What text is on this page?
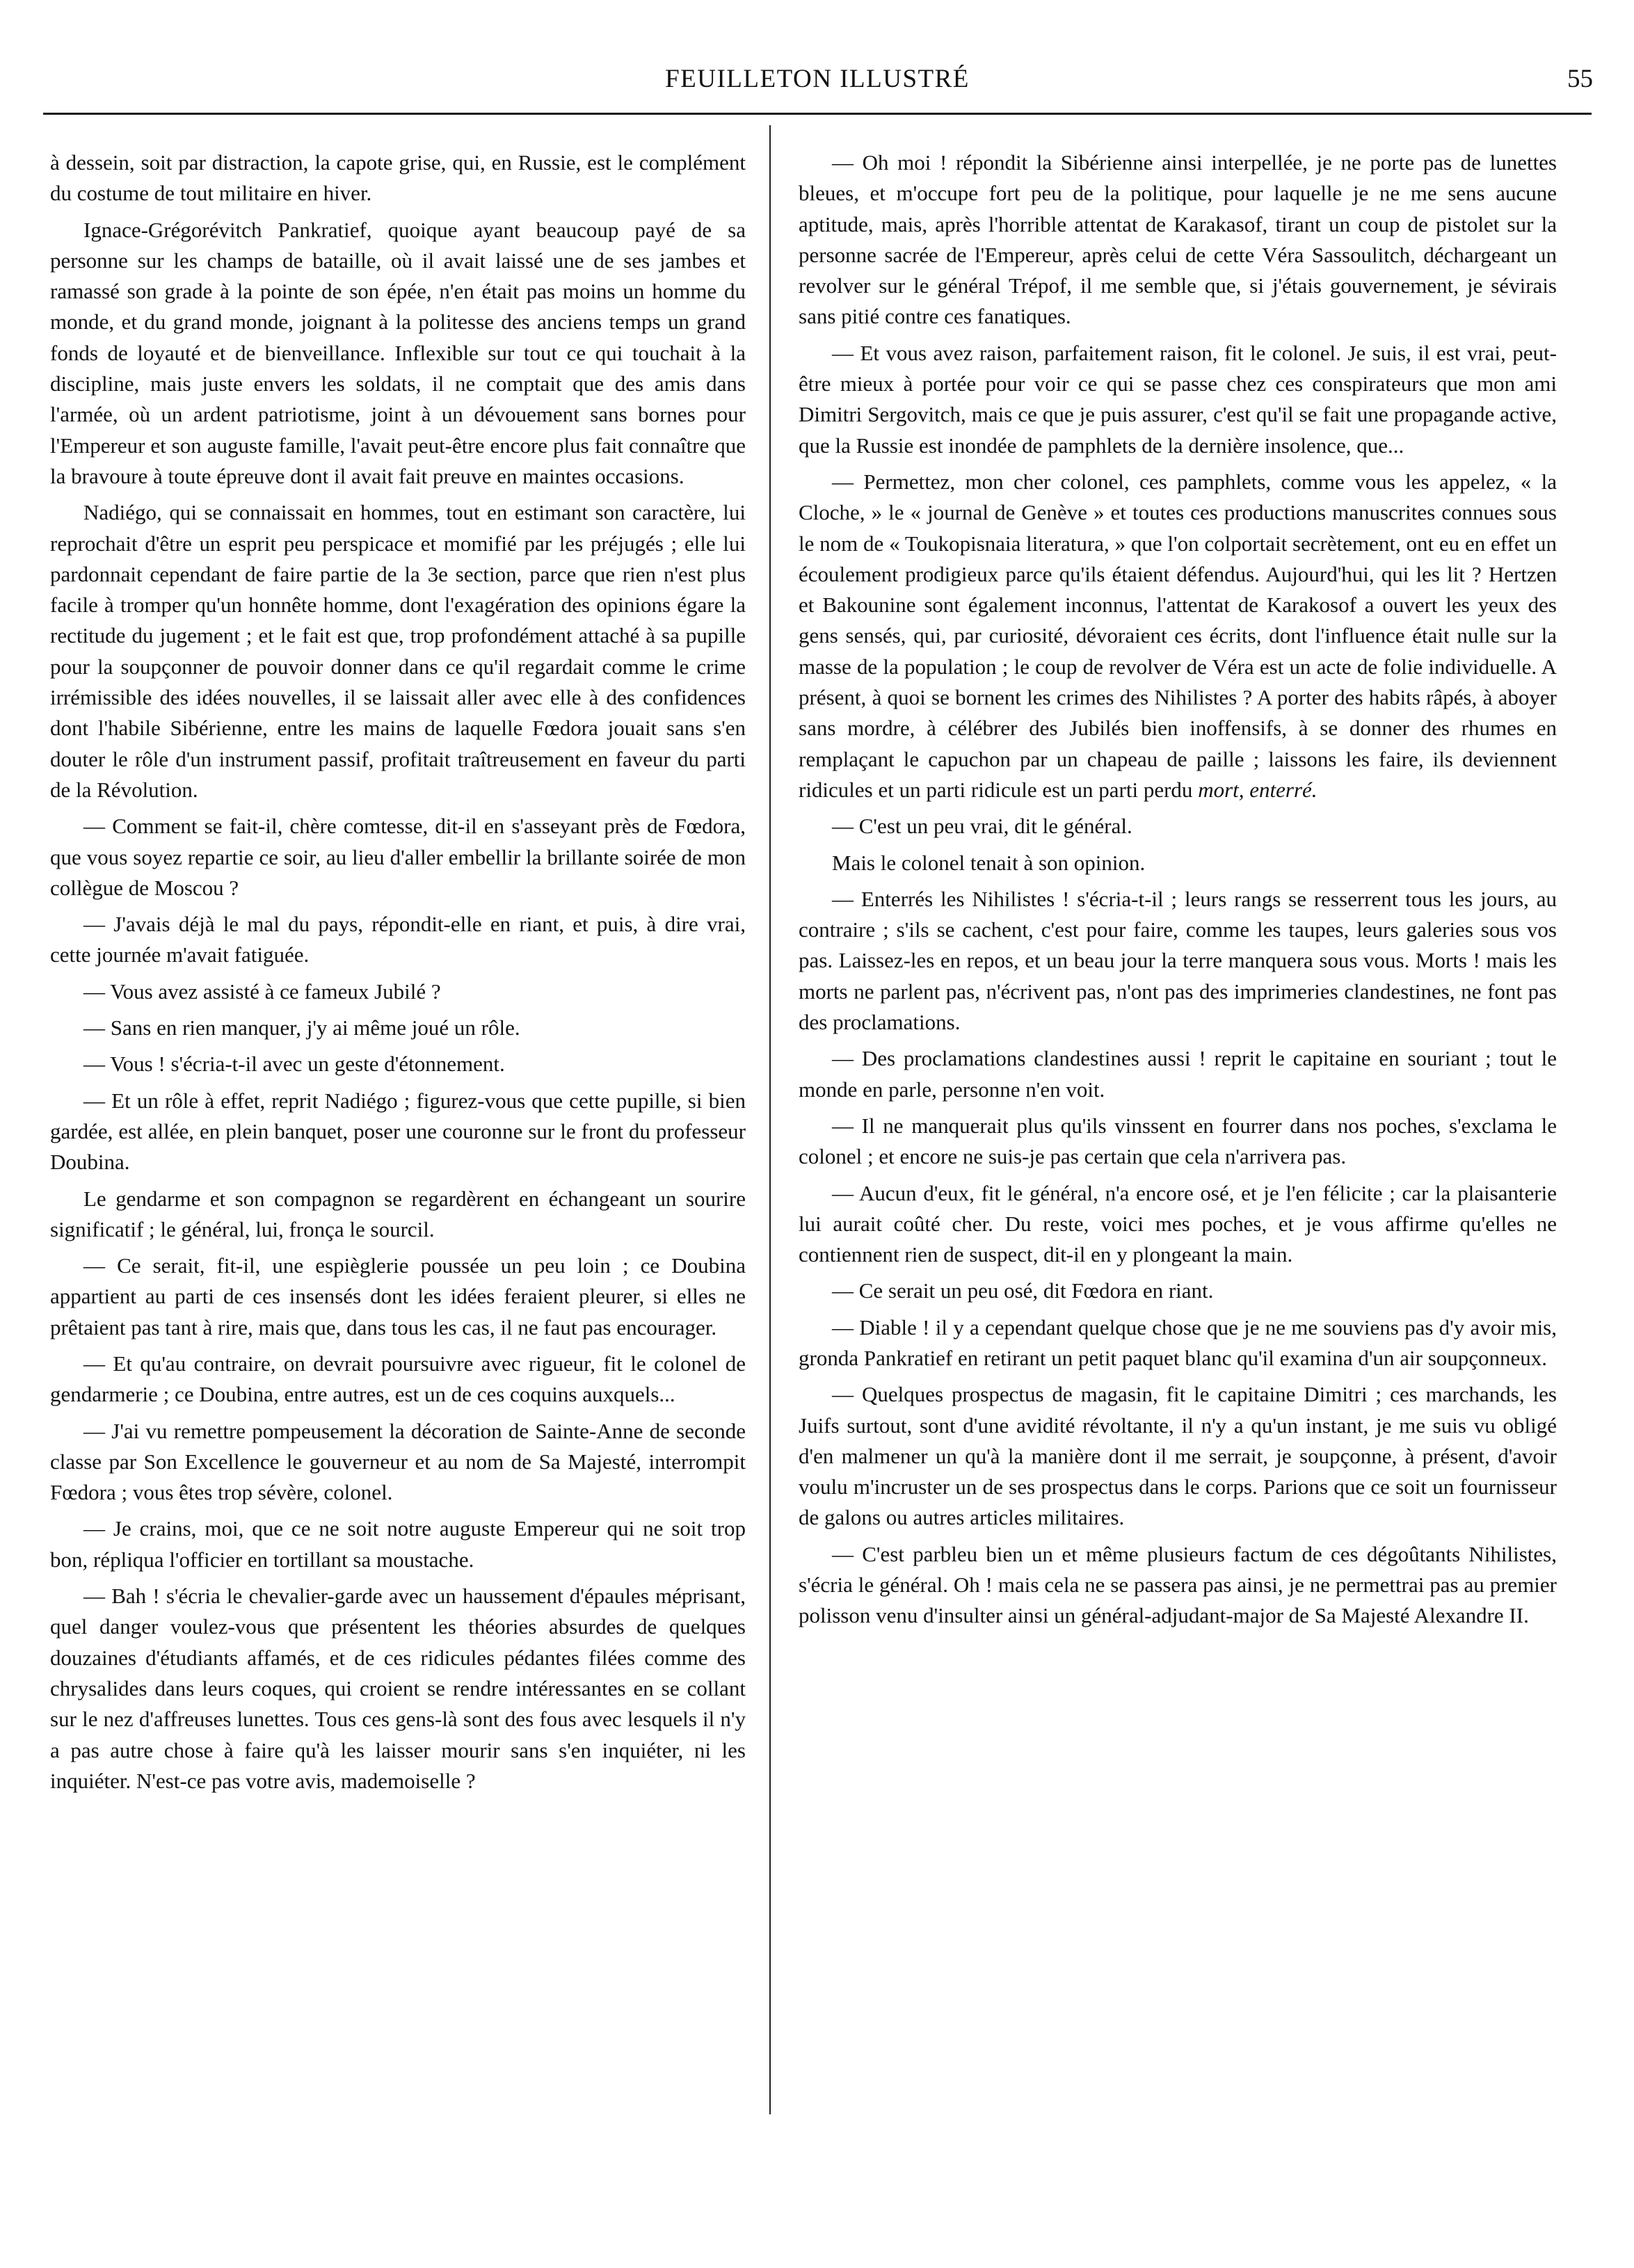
FEUILLETON ILLUSTRÉ	55

à dessein, soit par distraction, la capote grise, qui, en Russie, est le complément du costume de tout militaire en hiver.

Ignace-Grégorévitch Pankratief, quoique ayant beaucoup payé de sa personne sur les champs de bataille, où il avait laissé une de ses jambes et ramassé son grade à la pointe de son épée, n'en était pas moins un homme du monde, et du grand monde, joignant à la politesse des anciens temps un grand fonds de loyauté et de bienveillance. Inflexible sur tout ce qui touchait à la discipline, mais juste envers les soldats, il ne comptait que des amis dans l'armée, où un ardent patriotisme, joint à un dévouement sans bornes pour l'Empereur et son auguste famille, l'avait peut-être encore plus fait connaître que la bravoure à toute épreuve dont il avait fait preuve en maintes occasions.

Nadiégo, qui se connaissait en hommes, tout en estimant son caractère, lui reprochait d'être un esprit peu perspicace et momifié par les préjugés ; elle lui pardonnait cependant de faire partie de la 3e section, parce que rien n'est plus facile à tromper qu'un honnête homme, dont l'exagération des opinions égare la rectitude du jugement ; et le fait est que, trop profondément attaché à sa pupille pour la soupçonner de pouvoir donner dans ce qu'il regardait comme le crime irrémissible des idées nouvelles, il se laissait aller avec elle à des confidences dont l'habile Sibérienne, entre les mains de laquelle Fœdora jouait sans s'en douter le rôle d'un instrument passif, profitait traîtreusement en faveur du parti de la Révolution.

— Comment se fait-il, chère comtesse, dit-il en s'asseyant près de Fœdora, que vous soyez repartie ce soir, au lieu d'aller embellir la brillante soirée de mon collègue de Moscou ?

— J'avais déjà le mal du pays, répondit-elle en riant, et puis, à dire vrai, cette journée m'avait fatiguée.

— Vous avez assisté à ce fameux Jubilé ?

— Sans en rien manquer, j'y ai même joué un rôle.

— Vous ! s'écria-t-il avec un geste d'étonnement.

— Et un rôle à effet, reprit Nadiégo ; figurez-vous que cette pupille, si bien gardée, est allée, en plein banquet, poser une couronne sur le front du professeur Doubina.

Le gendarme et son compagnon se regardèrent en échangeant un sourire significatif ; le général, lui, fronça le sourcil.

— Ce serait, fit-il, une espièglerie poussée un peu loin ; ce Doubina appartient au parti de ces insensés dont les idées feraient pleurer, si elles ne prêtaient pas tant à rire, mais que, dans tous les cas, il ne faut pas encourager.

— Et qu'au contraire, on devrait poursuivre avec rigueur, fit le colonel de gendarmerie ; ce Doubina, entre autres, est un de ces coquins auxquels...

— J'ai vu remettre pompeusement la décoration de Sainte-Anne de seconde classe par Son Excellence le gouverneur et au nom de Sa Majesté, interrompit Fœdora ; vous êtes trop sévère, colonel.

— Je crains, moi, que ce ne soit notre auguste Empereur qui ne soit trop bon, répliqua l'officier en tortillant sa moustache.

— Bah ! s'écria le chevalier-garde avec un haussement d'épaules méprisant, quel danger voulez-vous que présentent les théories absurdes de quelques douzaines d'étudiants affamés, et de ces ridicules pédantes filées comme des chrysalides dans leurs coques, qui croient se rendre intéressantes en se collant sur le nez d'affreuses lunettes. Tous ces gens-là sont des fous avec lesquels il n'y a pas autre chose à faire qu'à les laisser mourir sans s'en inquiéter, ni les inquiéter. N'est-ce pas votre avis, mademoiselle ?

— Oh moi ! répondit la Sibérienne ainsi interpellée, je ne porte pas de lunettes bleues, et m'occupe fort peu de la politique, pour laquelle je ne me sens aucune aptitude, mais, après l'horrible attentat de Karakasof, tirant un coup de pistolet sur la personne sacrée de l'Empereur, après celui de cette Véra Sassoulitch, déchargeant un revolver sur le général Trépof, il me semble que, si j'étais gouvernement, je sévirais sans pitié contre ces fanatiques.

— Et vous avez raison, parfaitement raison, fit le colonel. Je suis, il est vrai, peut-être mieux à portée pour voir ce qui se passe chez ces conspirateurs que mon ami Dimitri Sergovitch, mais ce que je puis assurer, c'est qu'il se fait une propagande active, que la Russie est inondée de pamphlets de la dernière insolence, que...

— Permettez, mon cher colonel, ces pamphlets, comme vous les appelez, « la Cloche, » le « journal de Genève » et toutes ces productions manuscrites connues sous le nom de « Toukopisnaia literatura, » que l'on colportait secrètement, ont eu en effet un écoulement prodigieux parce qu'ils étaient défendus. Aujourd'hui, qui les lit ? Hertzen et Bakounine sont également inconnus, l'attentat de Karakosof a ouvert les yeux des gens sensés, qui, par curiosité, dévoraient ces écrits, dont l'influence était nulle sur la masse de la population ; le coup de revolver de Véra est un acte de folie individuelle. A présent, à quoi se bornent les crimes des Nihilistes ? A porter des habits râpés, à aboyer sans mordre, à célébrer des Jubilés bien inoffensifs, à se donner des rhumes en remplaçant le capuchon par un chapeau de paille ; laissons les faire, ils deviennent ridicules et un parti ridicule est un parti perdu mort, enterré.

— C'est un peu vrai, dit le général.

Mais le colonel tenait à son opinion.

— Enterrés les Nihilistes ! s'écria-t-il ; leurs rangs se resserrent tous les jours, au contraire ; s'ils se cachent, c'est pour faire, comme les taupes, leurs galeries sous vos pas. Laissez-les en repos, et un beau jour la terre manquera sous vous. Morts ! mais les morts ne parlent pas, n'écrivent pas, n'ont pas des imprimeries clandestines, ne font pas des proclamations.

— Des proclamations clandestines aussi ! reprit le capitaine en souriant ; tout le monde en parle, personne n'en voit.

— Il ne manquerait plus qu'ils vinssent en fourrer dans nos poches, s'exclama le colonel ; et encore ne suis-je pas certain que cela n'arrivera pas.

— Aucun d'eux, fit le général, n'a encore osé, et je l'en félicite ; car la plaisanterie lui aurait coûté cher. Du reste, voici mes poches, et je vous affirme qu'elles ne contiennent rien de suspect, dit-il en y plongeant la main.

— Ce serait un peu osé, dit Fœdora en riant.

— Diable ! il y a cependant quelque chose que je ne me souviens pas d'y avoir mis, gronda Pankratief en retirant un petit paquet blanc qu'il examina d'un air soupçonneux.

— Quelques prospectus de magasin, fit le capitaine Dimitri ; ces marchands, les Juifs surtout, sont d'une avidité révoltante, il n'y a qu'un instant, je me suis vu obligé d'en malmener un qu'à la manière dont il me serrait, je soupçonne, à présent, d'avoir voulu m'incruster un de ses prospectus dans le corps. Parions que ce soit un fournisseur de galons ou autres articles militaires.

— C'est parbleu bien un et même plusieurs factum de ces dégoûtants Nihilistes, s'écria le général. Oh ! mais cela ne se passera pas ainsi, je ne permettrai pas au premier polisson venu d'insulter ainsi un général-adjudant-major de Sa Majesté Alexandre II.
